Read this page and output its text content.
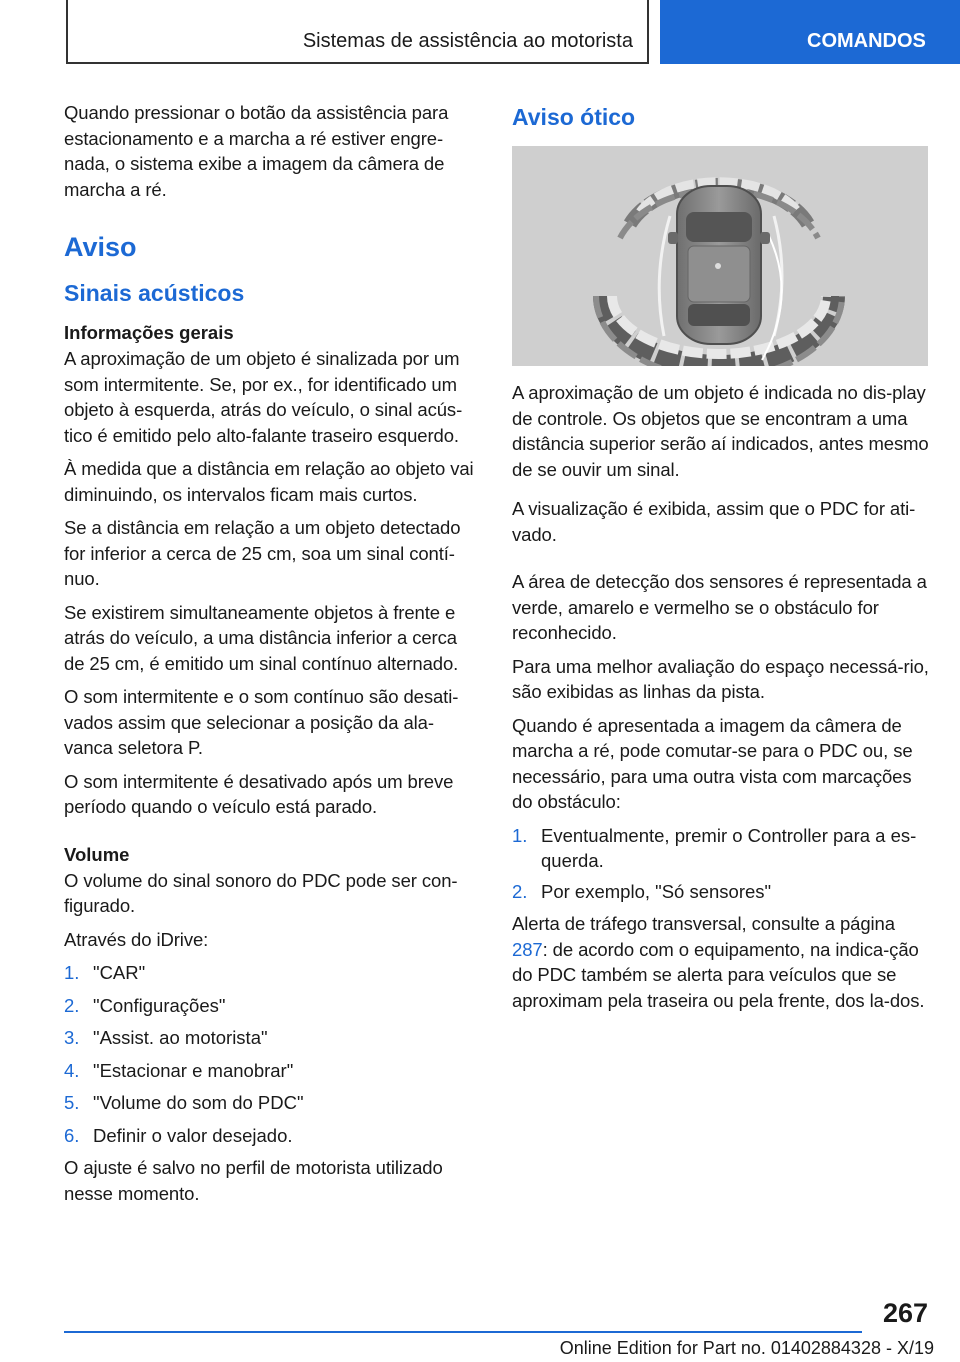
Sistemas de assistência ao motorista	COMANDOS

Quando pressionar o botão da assistência para estacionamento e a marcha a ré estiver engre-nada, o sistema exibe a imagem da câmera de marcha a ré.

Aviso
Sinais acústicos
Informações gerais

A aproximação de um objeto é sinalizada por um som intermitente. Se, por ex., for identificado um objeto à esquerda, atrás do veículo, o sinal acús-tico é emitido pelo alto-falante traseiro esquerdo.

À medida que a distância em relação ao objeto vai diminuindo, os intervalos ficam mais curtos.

Se a distância em relação a um objeto detectado for inferior a cerca de 25 cm, soa um sinal contí-nuo.

Se existirem simultaneamente objetos à frente e atrás do veículo, a uma distância inferior a cerca de 25 cm, é emitido um sinal contínuo alternado.

O som intermitente e o som contínuo são desati-vados assim que selecionar a posição da ala-vanca seletora P.

O som intermitente é desativado após um breve período quando o veículo está parado.

Volume

O volume do sinal sonoro do PDC pode ser con-figurado.

Através do iDrive:

1. "CAR"
2. "Configurações"
3. "Assist. ao motorista"
4. "Estacionar e manobrar"
5. "Volume do som do PDC"
6. Definir o valor desejado.

O ajuste é salvo no perfil de motorista utilizado nesse momento.

Aviso ótico

A aproximação de um objeto é indicada no dis-play de controle. Os objetos que se encontram a uma distância superior serão aí indicados, antes mesmo de se ouvir um sinal.

A visualização é exibida, assim que o PDC for ati-vado.

A área de detecção dos sensores é representada a verde, amarelo e vermelho se o obstáculo for reconhecido.

Para uma melhor avaliação do espaço necessá-rio, são exibidas as linhas da pista.

Quando é apresentada a imagem da câmera de marcha a ré, pode comutar-se para o PDC ou, se necessário, para uma outra vista com marcações do obstáculo:

1. Eventualmente, premir o Controller para a es-querda.
2. Por exemplo, "Só sensores"

Alerta de tráfego transversal, consulte a página 287: de acordo com o equipamento, na indica-ção do PDC também se alerta para veículos que se aproximam pela traseira ou pela frente, dos la-dos.

267
Online Edition for Part no. 01402884328 - X/19
